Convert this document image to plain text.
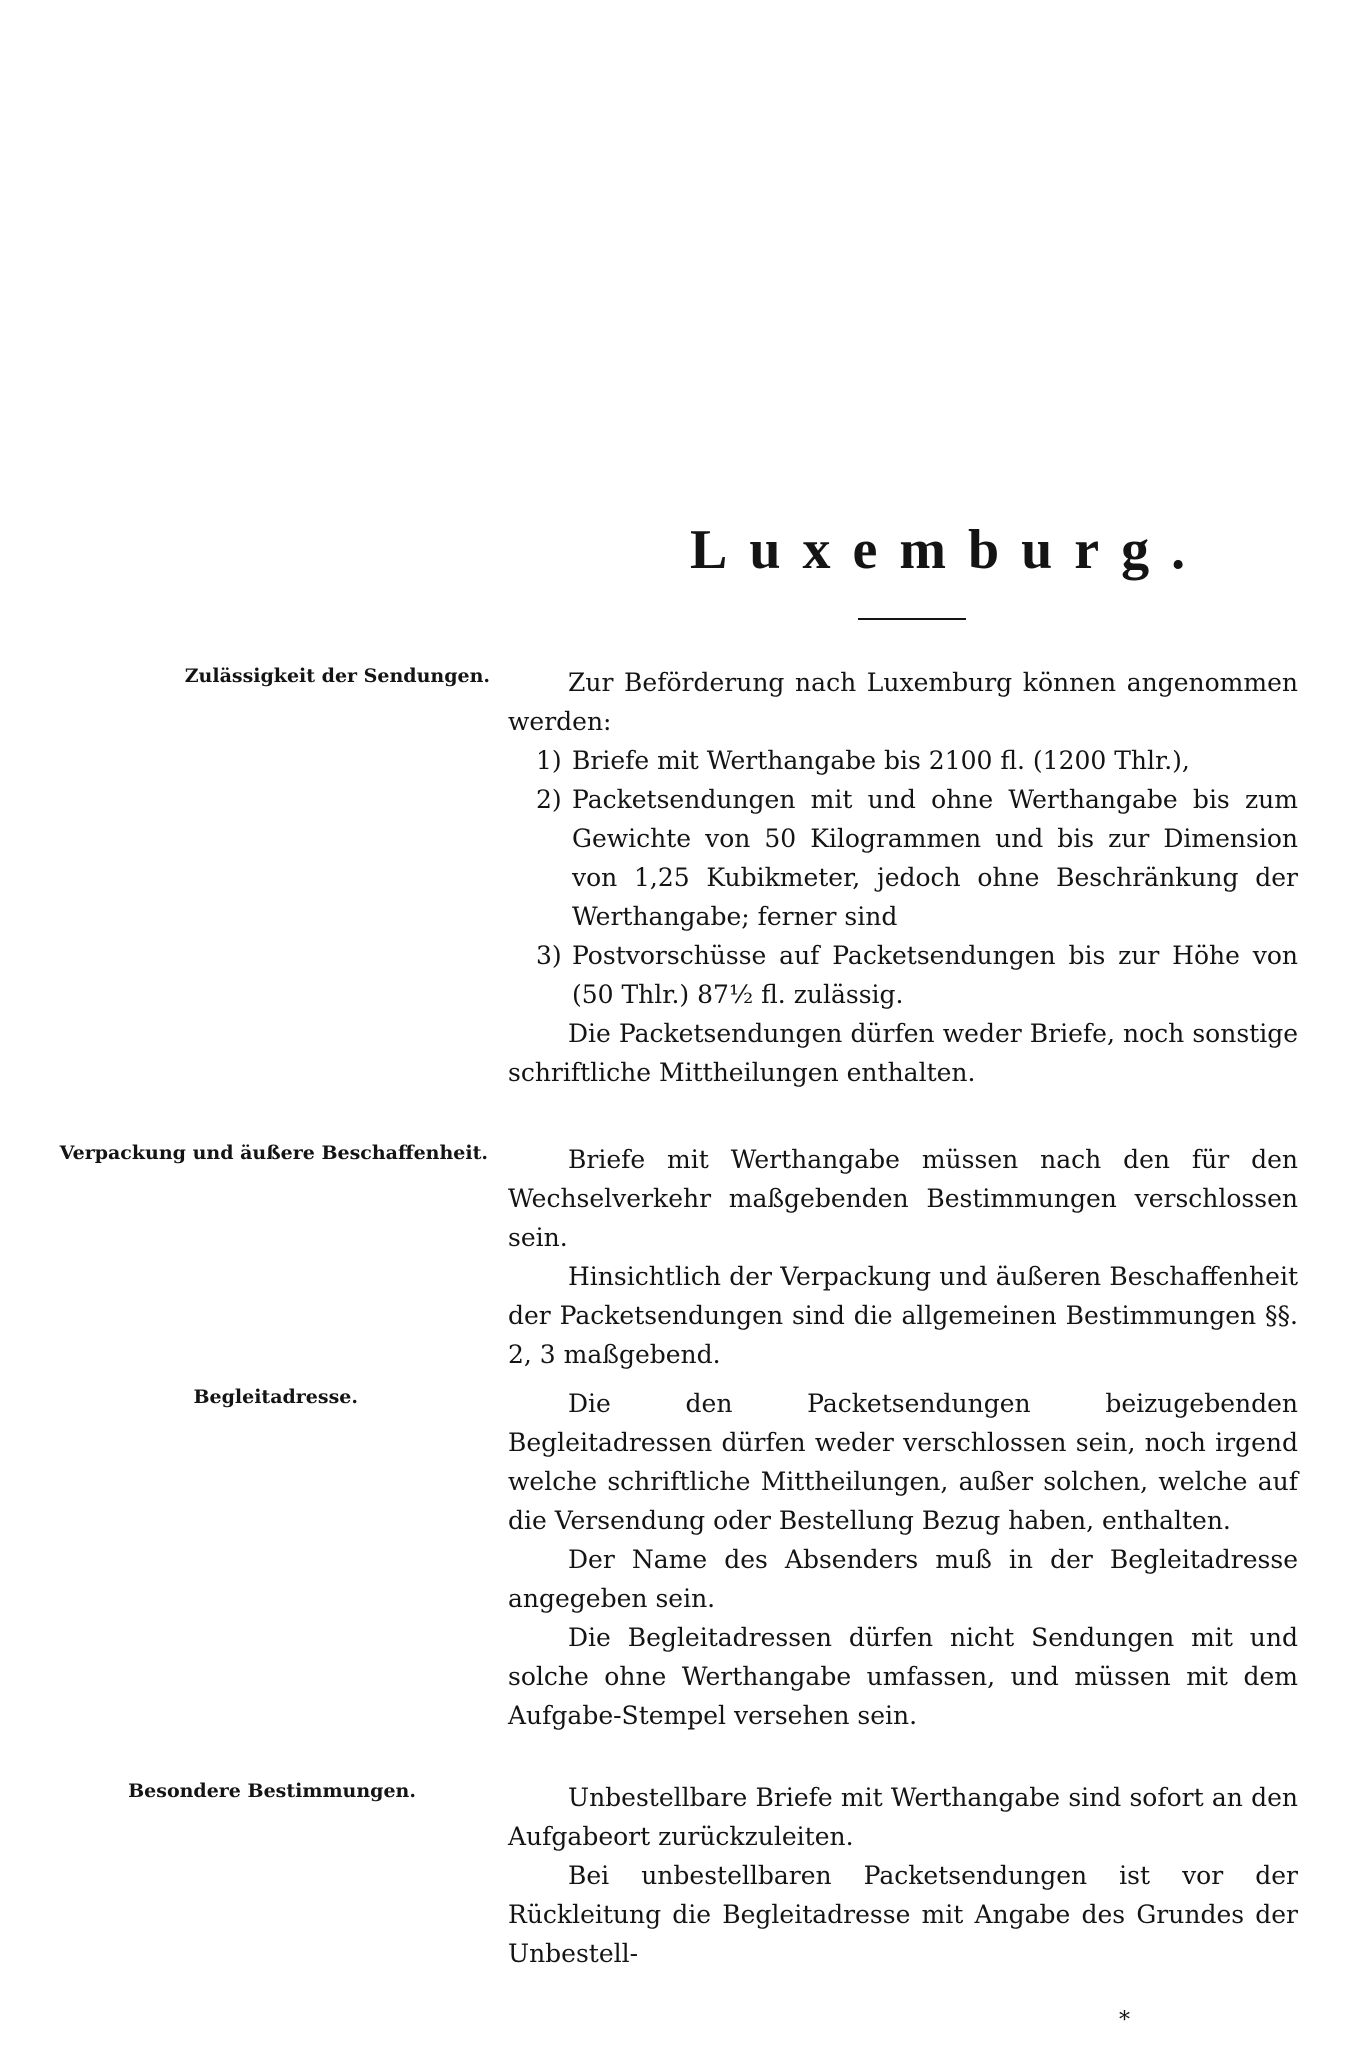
Luxemburg.
Zulässigkeit der Sendungen.	Zur Beförderung nach Luxemburg können angenommen werden:

1) Briefe mit Werthangabe bis 2100 fl. (1200 Thlr.),
2) Packetsendungen mit und ohne Werthangabe bis zum Gewichte von 50 Kilogrammen und bis zur Dimension von 1,25 Kubikmeter, jedoch ohne Beschränkung der Werthangabe; ferner sind
3) Postvorschüsse auf Packetsendungen bis zur Höhe von (50 Thlr.) 87½ fl. zulässig.

Die Packetsendungen dürfen weder Briefe, noch sonstige schriftliche Mittheilungen enthalten.

Verpackung und äußere Beschaffenheit.	Briefe mit Werthangabe müssen nach den für den Wechselverkehr maßgebenden Bestimmungen verschlossen sein.

Hinsichtlich der Verpackung und äußeren Beschaffenheit der Packetsendungen sind die allgemeinen Bestimmungen §§. 2, 3 maßgebend.

Begleitadresse.	Die den Packetsendungen beizugebenden Begleitadressen dürfen weder verschlossen sein, noch irgend welche schriftliche Mittheilungen, außer solchen, welche auf die Versendung oder Bestellung Bezug haben, enthalten.

Der Name des Absenders muß in der Begleitadresse angegeben sein.

Die Begleitadressen dürfen nicht Sendungen mit und solche ohne Werthangabe umfassen, und müssen mit dem Aufgabe-Stempel versehen sein.

Besondere Bestimmungen.	Unbestellbare Briefe mit Werthangabe sind sofort an den Aufgabeort zurückzuleiten.

Bei unbestellbaren Packetsendungen ist vor der Rückleitung die Begleitadresse mit Angabe des Grundes der Unbestell-

*
